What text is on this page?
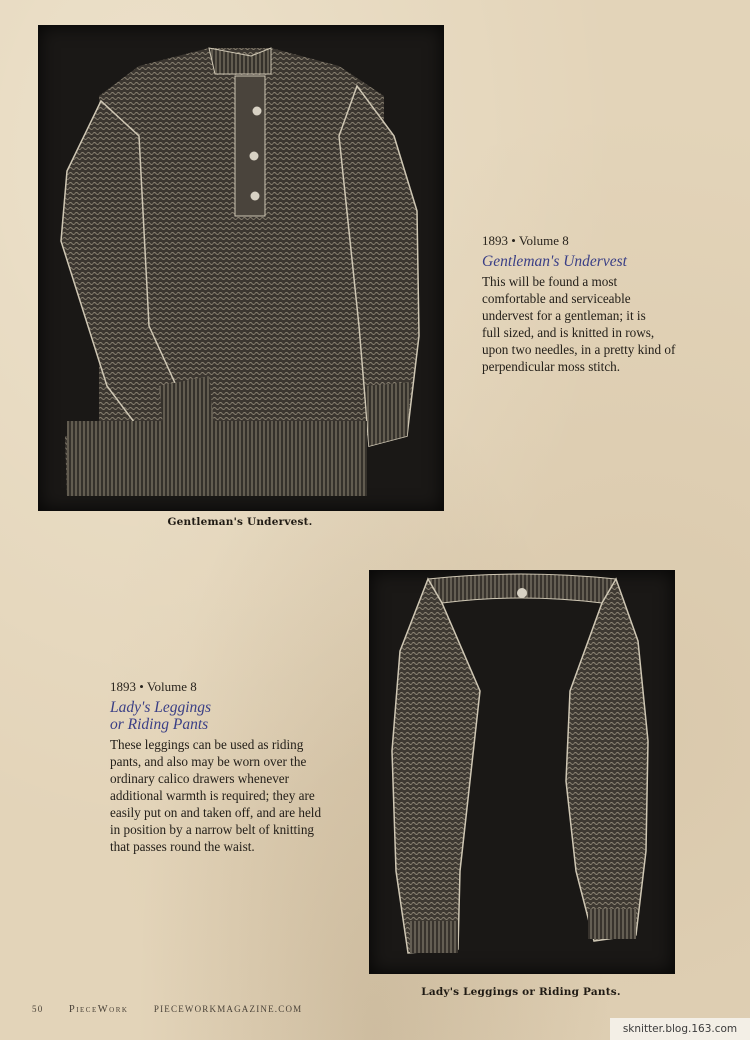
Gentleman's Undervest.
1893 • Volume 8
Gentleman's Underv​est
This will be found a most
comfortable and serviceable
undervest for a gentleman; it is
full sized, and is knitted in rows,
upon two needles, in a pretty kind of
perpendicular moss stitch.
Lady's Leggings or Riding Pants.
1893 • Volume 8
Lady's Leggings
or Riding Pants
These leggings can be used as riding
pants, and also may be worn over the
ordinary calico drawers whenever
additional warmth is required; they are
easily put on and taken off, and are held
in position by a narrow belt of knitting
that passes round the waist.
50 PieceWork	PIECEWORKMAGAZINE.COM
sknitter.blog.163.com
